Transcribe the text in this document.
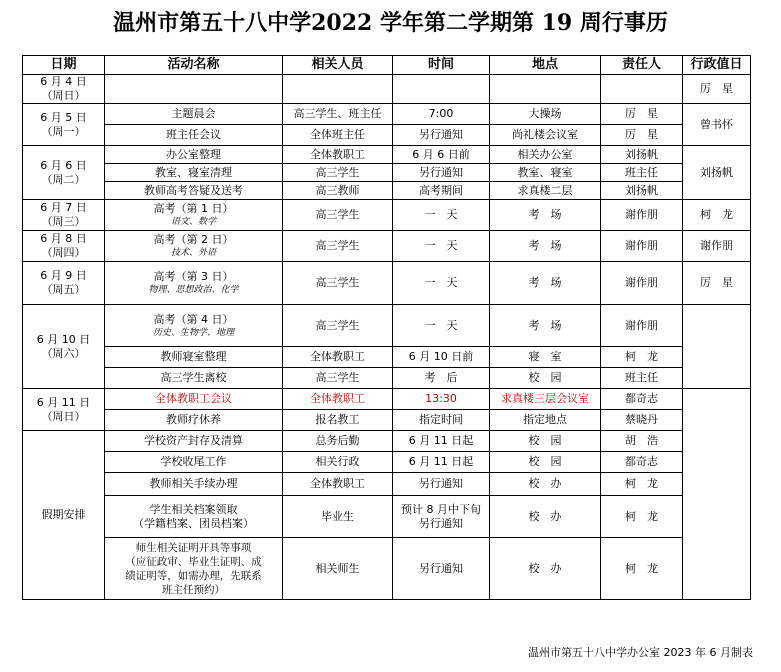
温州市第五十八中学2022 学年第二学期第 19 周行事历
日期	活动名称	相关人员	时间	地点	责任人	行政值日

6 月 4 日
（周日）						厉　星

6 月 5 日
（周一）	主题晨会	高三学生、班主任	7:00	大操场	厉　星	曾书怀
	班主任会议	全体班主任	另行通知	尚礼楼会议室	厉　星	

6 月 6 日
（周二）	办公室整理	全体教职工	6 月 6 日前	相关办公室	刘扬帆	刘扬帆
	教室、寝室清理	高三学生	另行通知	教室、寝室	班主任	
	教师高考答疑及送考	高三教师	高考期间	求真楼二层	刘扬帆	

6 月 7 日
（周三）	高考（第 1 日）
语文、数学	高三学生	一　天	考　场	谢作朋	柯　龙

6 月 8 日
（周四）	高考（第 2 日）
技术、外语	高三学生	一　天	考　场	谢作朋	谢作朋

6 月 9 日
（周五）	高考（第 3 日）
物理、思想政治、化学	高三学生	一　天	考　场	谢作朋	厉　星

6 月 10 日
（周六）	高考（第 4 日）
历史、生物学、地理	高三学生	一　天	考　场	谢作朋	
	教师寝室整理	全体教职工	6 月 10 日前	寝　室	柯　龙	
	高三学生离校	高三学生	考　后	校　园	班主任	

6 月 11 日
（周日）	全体教职工会议	全体教职工	13:30	求真楼三层会议室	都奇志	
	教师疗休养	报名教工	指定时间	指定地点	蔡晓丹	

假期安排	学校资产封存及清算	总务后勤	6 月 11 日起	校　园	胡　浩	
	学校收尾工作	相关行政	6 月 11 日起	校　园	都奇志	
	教师相关手续办理	全体教职工	另行通知	校　办	柯　龙	
	学生相关档案领取
（学籍档案、团员档案）	毕业生	预计 8 月中下旬
另行通知	校　办	柯　龙	
	师生相关证明开具等事项
（应征政审、毕业生证明、成
绩证明等，如需办理，先联系
班主任预约）	相关师生	另行通知	校　办	柯　龙	
温州市第五十八中学办公室 2023 年 6 月制表
